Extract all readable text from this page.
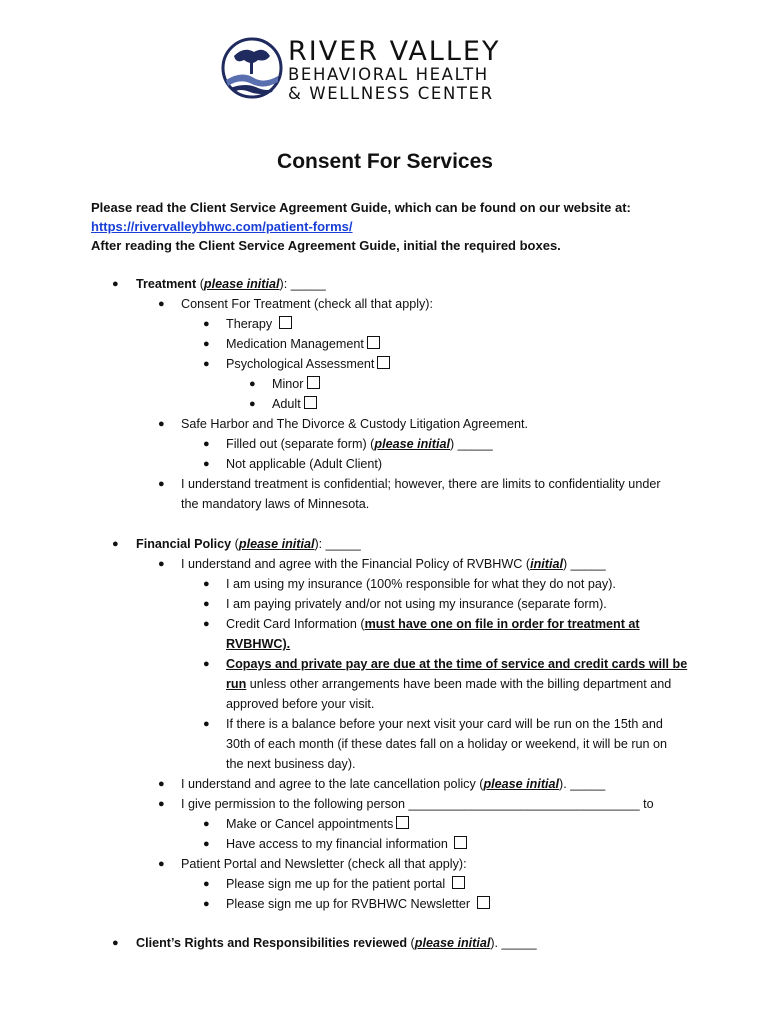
RIVER VALLEY
BEHAVIORAL HEALTH
& WELLNESS CENTER
Consent For Services
Please read the Client Service Agreement Guide, which can be found on our website at:
https://rivervalleybhwc.com/patient-forms/
After reading the Client Service Agreement Guide, initial the required boxes.
● Treatment (please initial): _____
● Consent For Treatment (check all that apply):
● Therapy
● Medication Management
● Psychological Assessment
● Minor
● Adult
● Safe Harbor and The Divorce & Custody Litigation Agreement.
● Filled out (separate form) (please initial) _____
● Not applicable (Adult Client)
● I understand treatment is confidential; however, there are limits to confidentiality under
the mandatory laws of Minnesota.
● Financial Policy (please initial): _____
● I understand and agree with the Financial Policy of RVBHWC (initial) _____
● I am using my insurance (100% responsible for what they do not pay).
● I am paying privately and/or not using my insurance (separate form).
● Credit Card Information (must have one on file in order for treatment at
RVBHWC).
● Copays and private pay are due at the time of service and credit cards will be
run unless other arrangements have been made with the billing department and
approved before your visit.
● If there is a balance before your next visit your card will be run on the 15th and
30th of each month (if these dates fall on a holiday or weekend, it will be run on
the next business day).
● I understand and agree to the late cancellation policy (please initial). _____
● I give permission to the following person _________________________________ to
● Make or Cancel appointments
● Have access to my financial information
● Patient Portal and Newsletter (check all that apply):
● Please sign me up for the patient portal
● Please sign me up for RVBHWC Newsletter
● Client’s Rights and Responsibilities reviewed (please initial). _____
